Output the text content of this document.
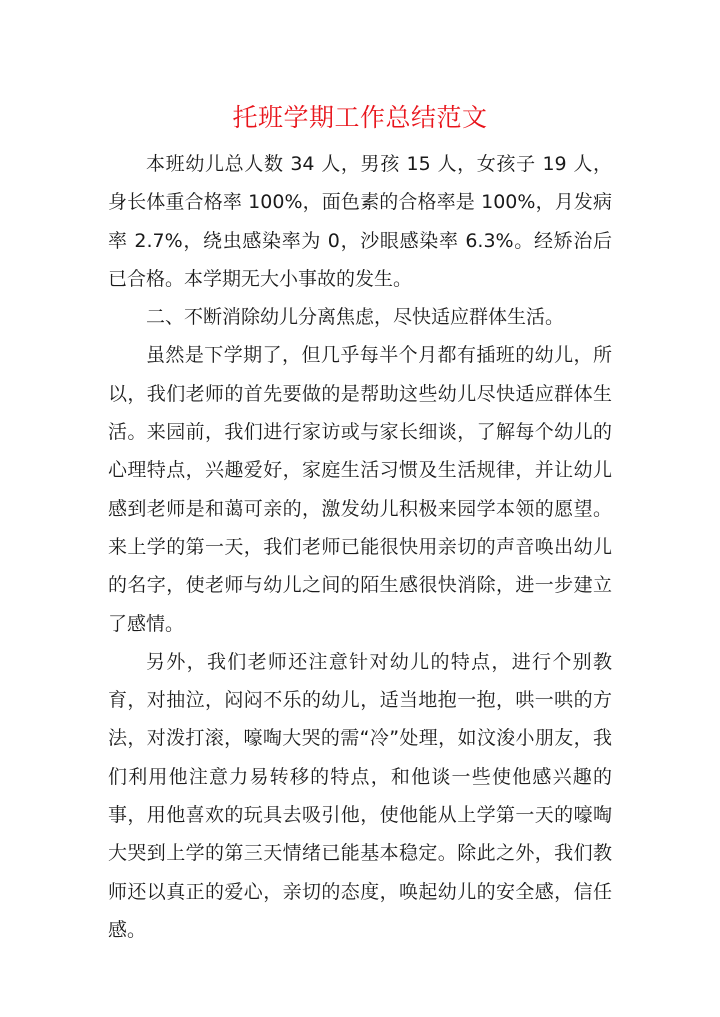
托班学期工作总结范文

本班幼儿总人数 34 人，男孩 15 人，女孩子 19 人，身长体重合格率 100%，面色素的合格率是 100%，月发病率 2.7%，绕虫感染率为 0，沙眼感染率 6.3%。经矫治后已合格。本学期无大小事故的发生。

二、不断消除幼儿分离焦虑，尽快适应群体生活。

虽然是下学期了，但几乎每半个月都有插班的幼儿，所以，我们老师的首先要做的是帮助这些幼儿尽快适应群体生活。来园前，我们进行家访或与家长细谈，了解每个幼儿的心理特点，兴趣爱好，家庭生活习惯及生活规律，并让幼儿感到老师是和蔼可亲的，激发幼儿积极来园学本领的愿望。来上学的第一天，我们老师已能很快用亲切的声音唤出幼儿的名字，使老师与幼儿之间的陌生感很快消除，进一步建立了感情。

另外，我们老师还注意针对幼儿的特点，进行个别教育，对抽泣，闷闷不乐的幼儿，适当地抱一抱，哄一哄的方法，对泼打滚，嚎啕大哭的需“冷”处理，如汶浚小朋友，我们利用他注意力易转移的特点，和他谈一些使他感兴趣的事，用他喜欢的玩具去吸引他，使他能从上学第一天的嚎啕大哭到上学的第三天情绪已能基本稳定。除此之外，我们教师还以真正的爱心，亲切的态度，唤起幼儿的安全感，信任感。
